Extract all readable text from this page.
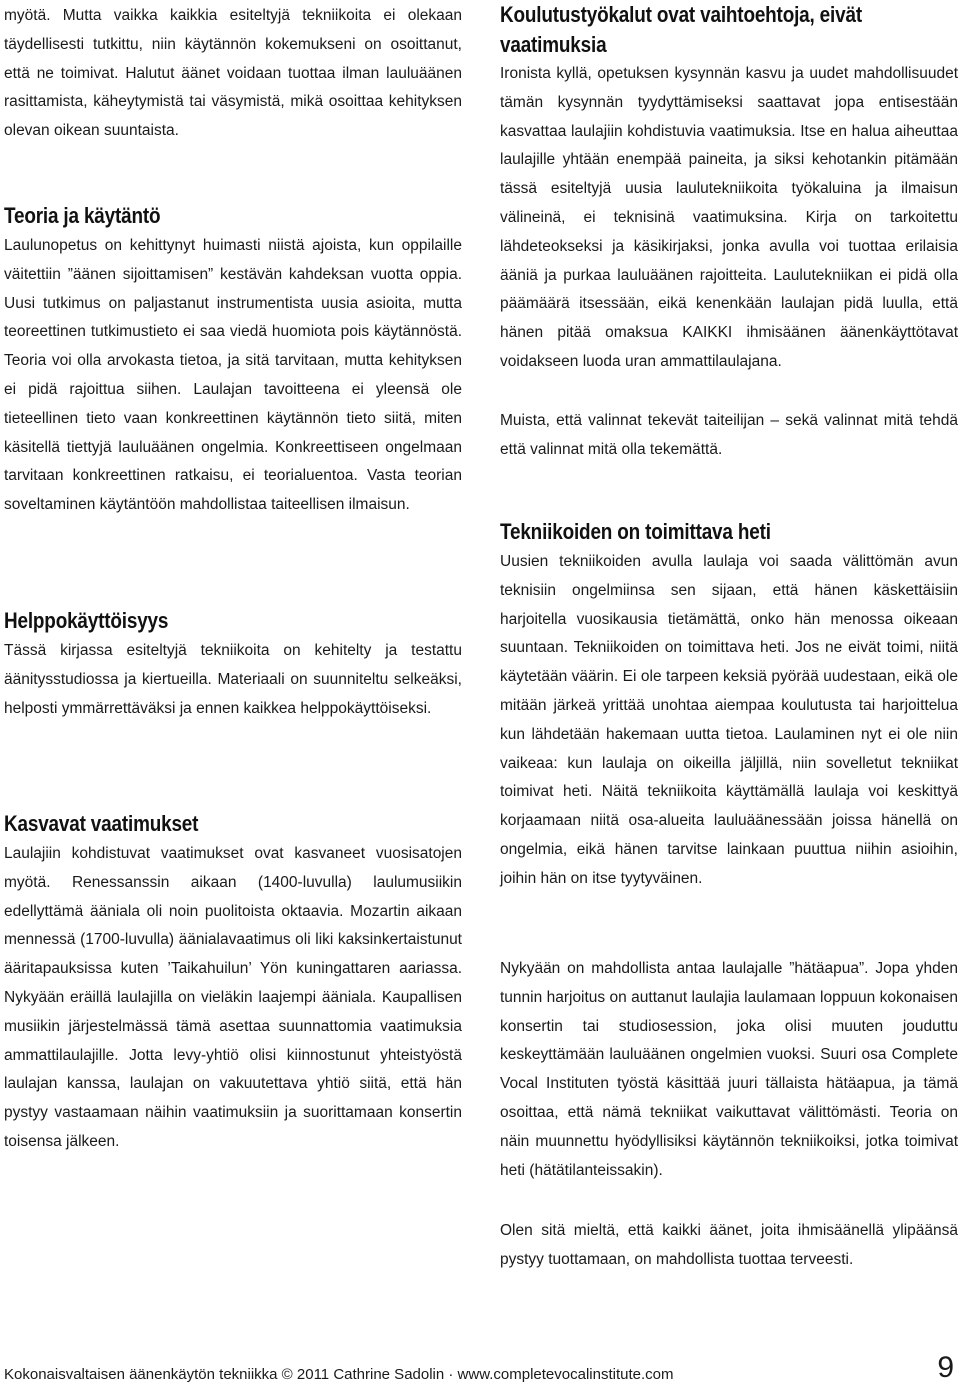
myötä. Mutta vaikka kaikkia esiteltyjä tekniikoita ei olekaan täydellisesti tutkittu, niin käytännön kokemukseni on osoittanut, että ne toimivat. Halutut äänet voidaan tuottaa ilman lauluäänen rasittamista, käheytymistä tai väsymistä, mikä osoittaa kehityksen olevan oikean suuntaista.

Teoria ja käytäntö

Laulunopetus on kehittynyt huimasti niistä ajoista, kun oppilaille väitettiin ”äänen sijoittamisen” kestävän kahdeksan vuotta oppia. Uusi tutkimus on paljastanut instrumentista uusia asioita, mutta teoreettinen tutkimustieto ei saa viedä huomiota pois käytännöstä. Teoria voi olla arvokasta tietoa, ja sitä tarvitaan, mutta kehityksen ei pidä rajoittua siihen. Laulajan tavoitteena ei yleensä ole tieteellinen tieto vaan konkreettinen käytännön tieto siitä, miten käsitellä tiettyjä lauluäänen ongelmia. Konkreettiseen ongelmaan tarvitaan konkreettinen ratkaisu, ei teorialuentoa. Vasta teorian soveltaminen käytäntöön mahdollistaa taiteellisen ilmaisun.

Helppokäyttöisyys

Tässä kirjassa esiteltyjä tekniikoita on kehitelty ja testattu äänitysstudiossa ja kiertueilla. Materiaali on suunniteltu selkeäksi, helposti ymmärrettäväksi ja ennen kaikkea helppokäyttöiseksi.

Kasvavat vaatimukset

Laulajiin kohdistuvat vaatimukset ovat kasvaneet vuosisatojen myötä. Renessanssin aikaan (1400-luvulla) laulumusiikin edellyttämä ääniala oli noin puolitoista oktaavia. Mozartin aikaan mennessä (1700-luvulla) äänialavaatimus oli liki kaksinkertaistunut ääritapauksissa kuten ’Taikahuilun’ Yön kuningattaren aariassa. Nykyään eräillä laulajilla on vieläkin laajempi ääniala. Kaupallisen musiikin järjestelmässä tämä asettaa suunnattomia vaatimuksia ammattilaulajille. Jotta levy-yhtiö olisi kiinnostunut yhteistyöstä laulajan kanssa, laulajan on vakuutettava yhtiö siitä, että hän pystyy vastaamaan näihin vaatimuksiin ja suorittamaan konsertin toisensa jälkeen.

Koulutustyökalut ovat vaihtoehtoja, eivät
vaatimuksia

Ironista kyllä, opetuksen kysynnän kasvu ja uudet mahdollisuudet tämän kysynnän tyydyttämiseksi saattavat jopa entisestään kasvattaa laulajiin kohdistuvia vaatimuksia. Itse en halua aiheuttaa laulajille yhtään enempää paineita, ja siksi kehotankin pitämään tässä esiteltyjä uusia laulutekniikoita työkaluina ja ilmaisun välineinä, ei teknisinä vaatimuksina. Kirja on tarkoitettu lähdeteokseksi ja käsikirjaksi, jonka avulla voi tuottaa erilaisia ääniä ja purkaa lauluäänen rajoitteita. Laulutekniikan ei pidä olla päämäärä itsessään, eikä kenenkään laulajan pidä luulla, että hänen pitää omaksua KAIKKI ihmisäänen äänenkäyttötavat voidakseen luoda uran ammattilaulajana.

Muista, että valinnat tekevät taiteilijan – sekä valinnat mitä tehdä että valinnat mitä olla tekemättä.

Tekniikoiden on toimittava heti

Uusien tekniikoiden avulla laulaja voi saada välittömän avun teknisiin ongelmiinsa sen sijaan, että hänen käskettäisiin harjoitella vuosikausia tietämättä, onko hän menossa oikeaan suuntaan. Tekniikoiden on toimittava heti. Jos ne eivät toimi, niitä käytetään väärin. Ei ole tarpeen keksiä pyörää uudestaan, eikä ole mitään järkeä yrittää unohtaa aiempaa koulutusta tai harjoittelua kun lähdetään hakemaan uutta tietoa. Laulaminen nyt ei ole niin vaikeaa: kun laulaja on oikeilla jäljillä, niin sovelletut tekniikat toimivat heti. Näitä tekniikoita käyttämällä laulaja voi keskittyä korjaamaan niitä osa-alueita lauluäänessään joissa hänellä on ongelmia, eikä hänen tarvitse lainkaan puuttua niihin asioihin, joihin hän on itse tyytyväinen.

Nykyään on mahdollista antaa laulajalle ”hätäapua”. Jopa yhden tunnin harjoitus on auttanut laulajia laulamaan loppuun kokonaisen konsertin tai studiosession, joka olisi muuten jouduttu keskeyttämään lauluäänen ongelmien vuoksi. Suuri osa Complete Vocal Instituten työstä käsittää juuri tällaista hätäapua, ja tämä osoittaa, että nämä tekniikat vaikuttavat välittömästi. Teoria on näin muunnettu hyödyllisiksi käytännön tekniikoiksi, jotka toimivat heti (hätätilanteissakin).

Olen sitä mieltä, että kaikki äänet, joita ihmisäänellä ylipäänsä pystyy tuottamaan, on mahdollista tuottaa terveesti.

Kokonaisvaltaisen äänenkäytön tekniikka © 2011 Cathrine Sadolin · www.completevocalinstitute.com	9
